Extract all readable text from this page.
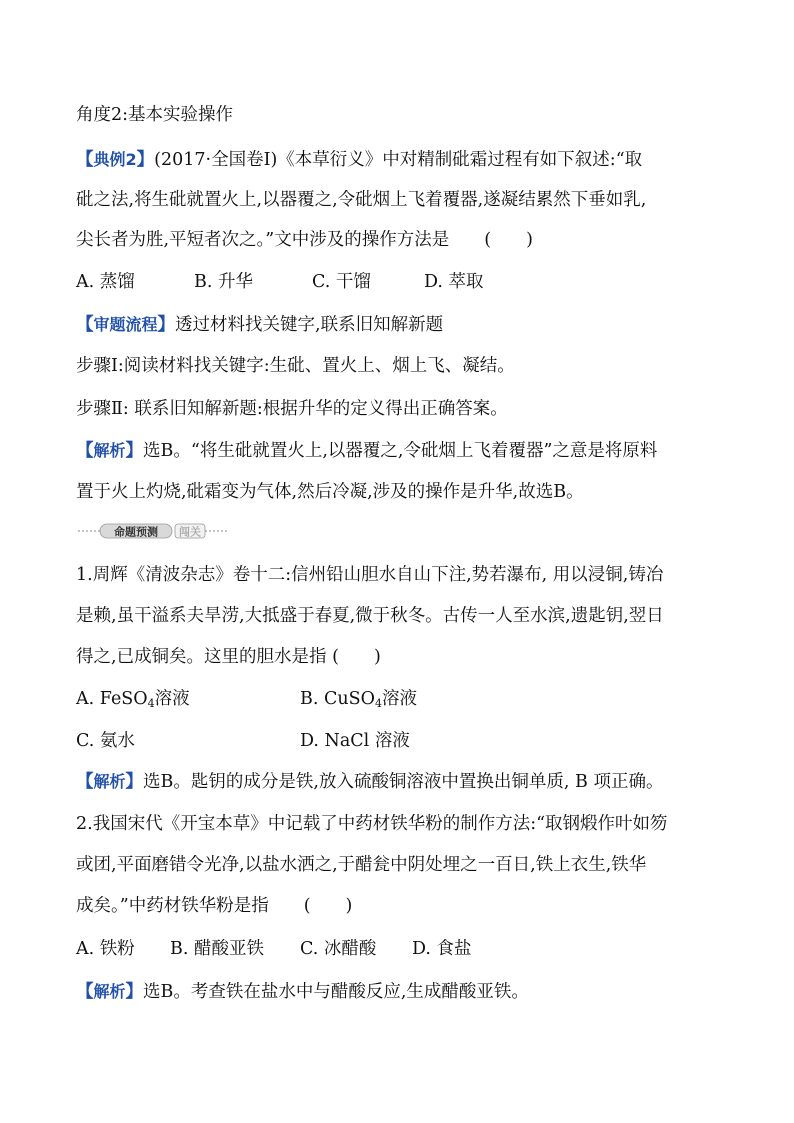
角度2:基本实验操作
【典例2】(2017·全国卷Ⅰ)《本草衍义》中对精制砒霜过程有如下叙述:“取
砒之法,将生砒就置火上,以器覆之,令砒烟上飞着覆器,遂凝结累然下垂如乳,
尖长者为胜,平短者次之。”文中涉及的操作方法是　　(　　)
A. 蒸馏	B. 升华	C. 干馏	D. 萃取
【审题流程】透过材料找关键字,联系旧知解新题
步骤Ⅰ:阅读材料找关键字:生砒、置火上、烟上飞、凝结。
步骤Ⅱ: 联系旧知解新题:根据升华的定义得出正确答案。
【解析】选B。“将生砒就置火上,以器覆之,令砒烟上飞着覆器”之意是将原料
置于火上灼烧,砒霜变为气体,然后冷凝,涉及的操作是升华,故选B。
命题预测 闯关
1.周辉《清波杂志》卷十二:信州铅山胆水自山下注,势若瀑布, 用以浸铜,铸冶
是赖,虽干溢系夫旱涝,大抵盛于春夏,微于秋冬。古传一人至水滨,遗匙钥,翌日
得之,已成铜矣。这里的胆水是指 (　　)
A. FeSO$_4$溶液	B. CuSO$_4$溶液
C. 氨水	D. NaCl 溶液
【解析】选B。匙钥的成分是铁,放入硫酸铜溶液中置换出铜单质, B 项正确。
2.我国宋代《开宝本草》中记载了中药材铁华粉的制作方法:“取钢煅作叶如笏
或团,平面磨错令光净,以盐水洒之,于醋瓮中阴处埋之一百日,铁上衣生,铁华
成矣。”中药材铁华粉是指　　(　　)
A. 铁粉 B. 醋酸亚铁 C. 冰醋酸 D. 食盐
【解析】选B。考查铁在盐水中与醋酸反应,生成醋酸亚铁。
